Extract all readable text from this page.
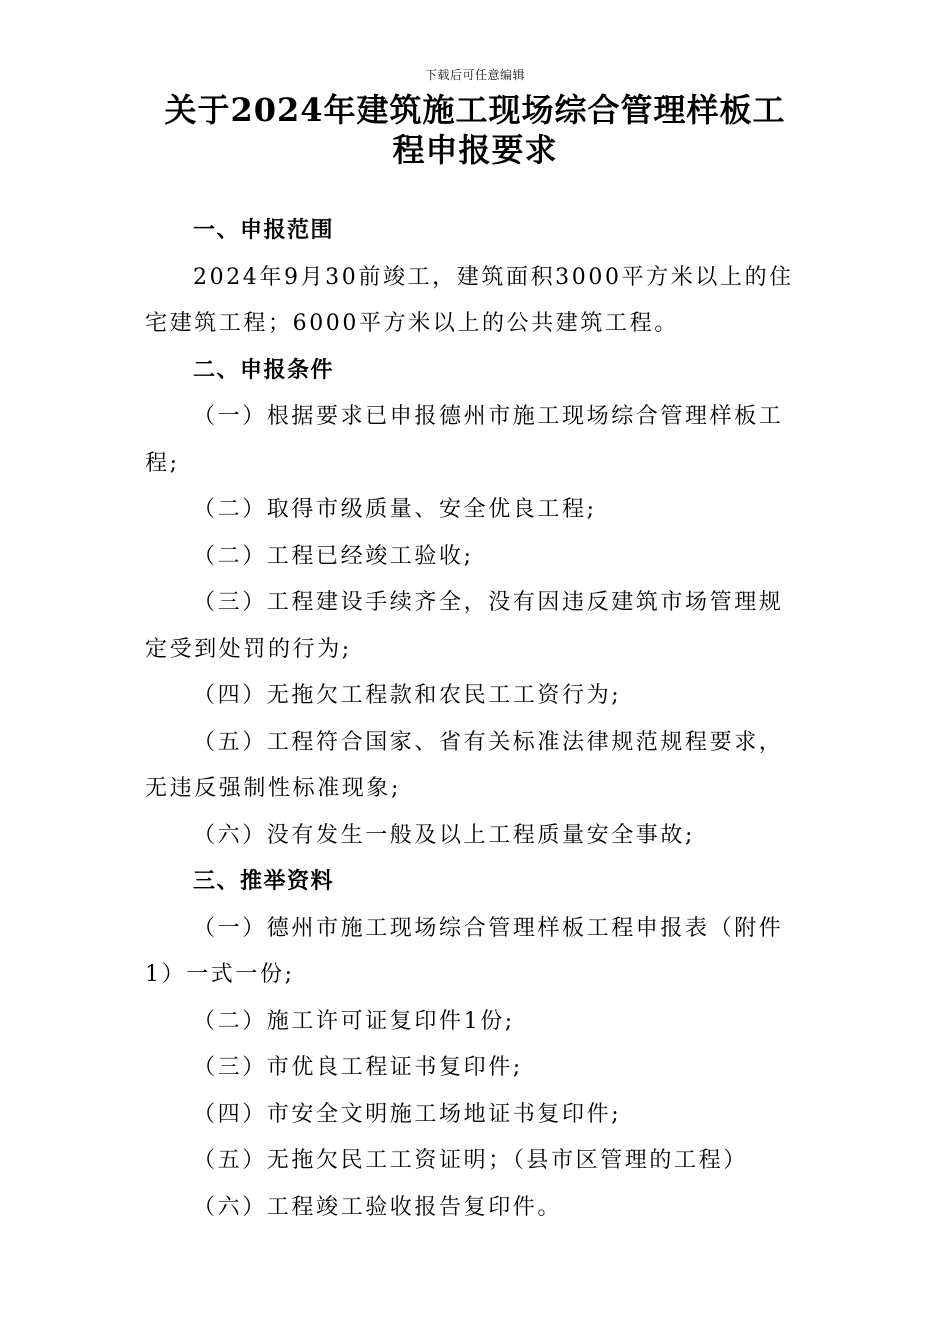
下载后可任意编辑
关于2024年建筑施工现场综合管理样板工
程申报要求
一、申报范围
2024年9月30前竣工，建筑面积3000平方米以上的住
宅建筑工程；6000平方米以上的公共建筑工程。
二、申报条件
（一）根据要求已申报德州市施工现场综合管理样板工
程;
（二）取得市级质量、安全优良工程;
（二）工程已经竣工验收;
（三）工程建设手续齐全，没有因违反建筑市场管理规
定受到处罚的行为;
（四）无拖欠工程款和农民工工资行为;
（五）工程符合国家、省有关标准法律规范规程要求，
无违反强制性标准现象;
（六）没有发生一般及以上工程质量安全事故;
三、推举资料
（一）德州市施工现场综合管理样板工程申报表（附件
1）一式一份;
（二）施工许可证复印件1份;
（三）市优良工程证书复印件;
（四）市安全文明施工场地证书复印件;
（五）无拖欠民工工资证明；（县市区管理的工程）
（六）工程竣工验收报告复印件。
